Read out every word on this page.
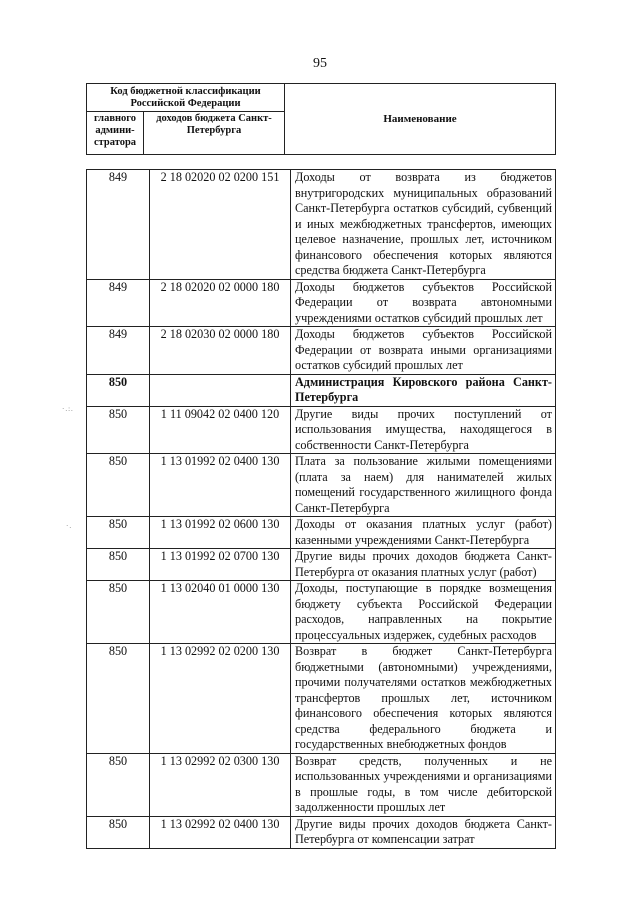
95
·.:.
·.
Код бюджетной классификации Российской Федерации		Наименование
главного админи-стратора	доходов бюджета Санкт-Петербурга	
849	2 18 02020 02 0200 151	Доходы от возврата из бюджетов внутригородских муниципальных образований Санкт-Петербурга остатков субсидий, субвенций и иных межбюджетных трансфертов, имеющих целевое назначение, прошлых лет, источником финансового обеспечения которых являются средства бюджета Санкт-Петербурга
849	2 18 02020 02 0000 180	Доходы бюджетов субъектов Российской Федерации от возврата автономными учреждениями остатков субсидий прошлых лет
849	2 18 02030 02 0000 180	Доходы бюджетов субъектов Российской Федерации от возврата иными организациями остатков субсидий прошлых лет
850		Администрация Кировского района Санкт-Петербурга
850	1 11 09042 02 0400 120	Другие виды прочих поступлений от использования имущества, находящегося в собственности Санкт-Петербурга
850	1 13 01992 02 0400 130	Плата за пользование жилыми помещениями (плата за наем) для нанимателей жилых помещений государственного жилищного фонда Санкт-Петербурга
850	1 13 01992 02 0600 130	Доходы от оказания платных услуг (работ) казенными учреждениями Санкт-Петербурга
850	1 13 01992 02 0700 130	Другие виды прочих доходов бюджета Санкт-Петербурга от оказания платных услуг (работ)
850	1 13 02040 01 0000 130	Доходы, поступающие в порядке возмещения бюджету субъекта Российской Федерации расходов, направленных на покрытие процессуальных издержек, судебных расходов
850	1 13 02992 02 0200 130	Возврат в бюджет Санкт-Петербурга бюджетными (автономными) учреждениями, прочими получателями остатков межбюджетных трансфертов прошлых лет, источником финансового обеспечения которых являются средства федерального бюджета и государственных внебюджетных фондов
850	1 13 02992 02 0300 130	Возврат средств, полученных и не использованных учреждениями и организациями в прошлые годы, в том числе дебиторской задолженности прошлых лет
850	1 13 02992 02 0400 130	Другие виды прочих доходов бюджета Санкт-Петербурга от компенсации затрат
